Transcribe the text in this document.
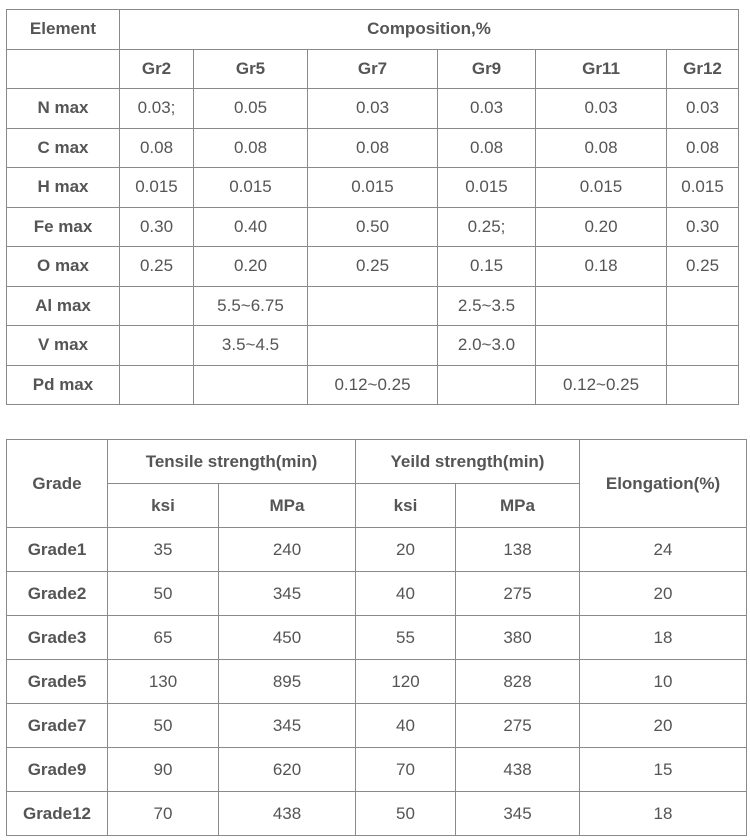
Element	Composition,%					
	Gr2	Gr5	Gr7	Gr9	Gr11	Gr12
N max	0.03;	0.05	0.03	0.03	0.03	0.03
C max	0.08	0.08	0.08	0.08	0.08	0.08
H max	0.015	0.015	0.015	0.015	0.015	0.015
Fe max	0.30	0.40	0.50	0.25;	0.20	0.30
O max	0.25	0.20	0.25	0.15	0.18	0.25
Al max		5.5~6.75		2.5~3.5		
V max		3.5~4.5		2.0~3.0		
Pd max			0.12~0.25		0.12~0.25	
Grade	Tensile strength(min)		Yeild strength(min)		Elongation(%)
	ksi	MPa	ksi	MPa	
Grade1	35	240	20	138	24
Grade2	50	345	40	275	20
Grade3	65	450	55	380	18
Grade5	130	895	120	828	10
Grade7	50	345	40	275	20
Grade9	90	620	70	438	15
Grade12	70	438	50	345	18
